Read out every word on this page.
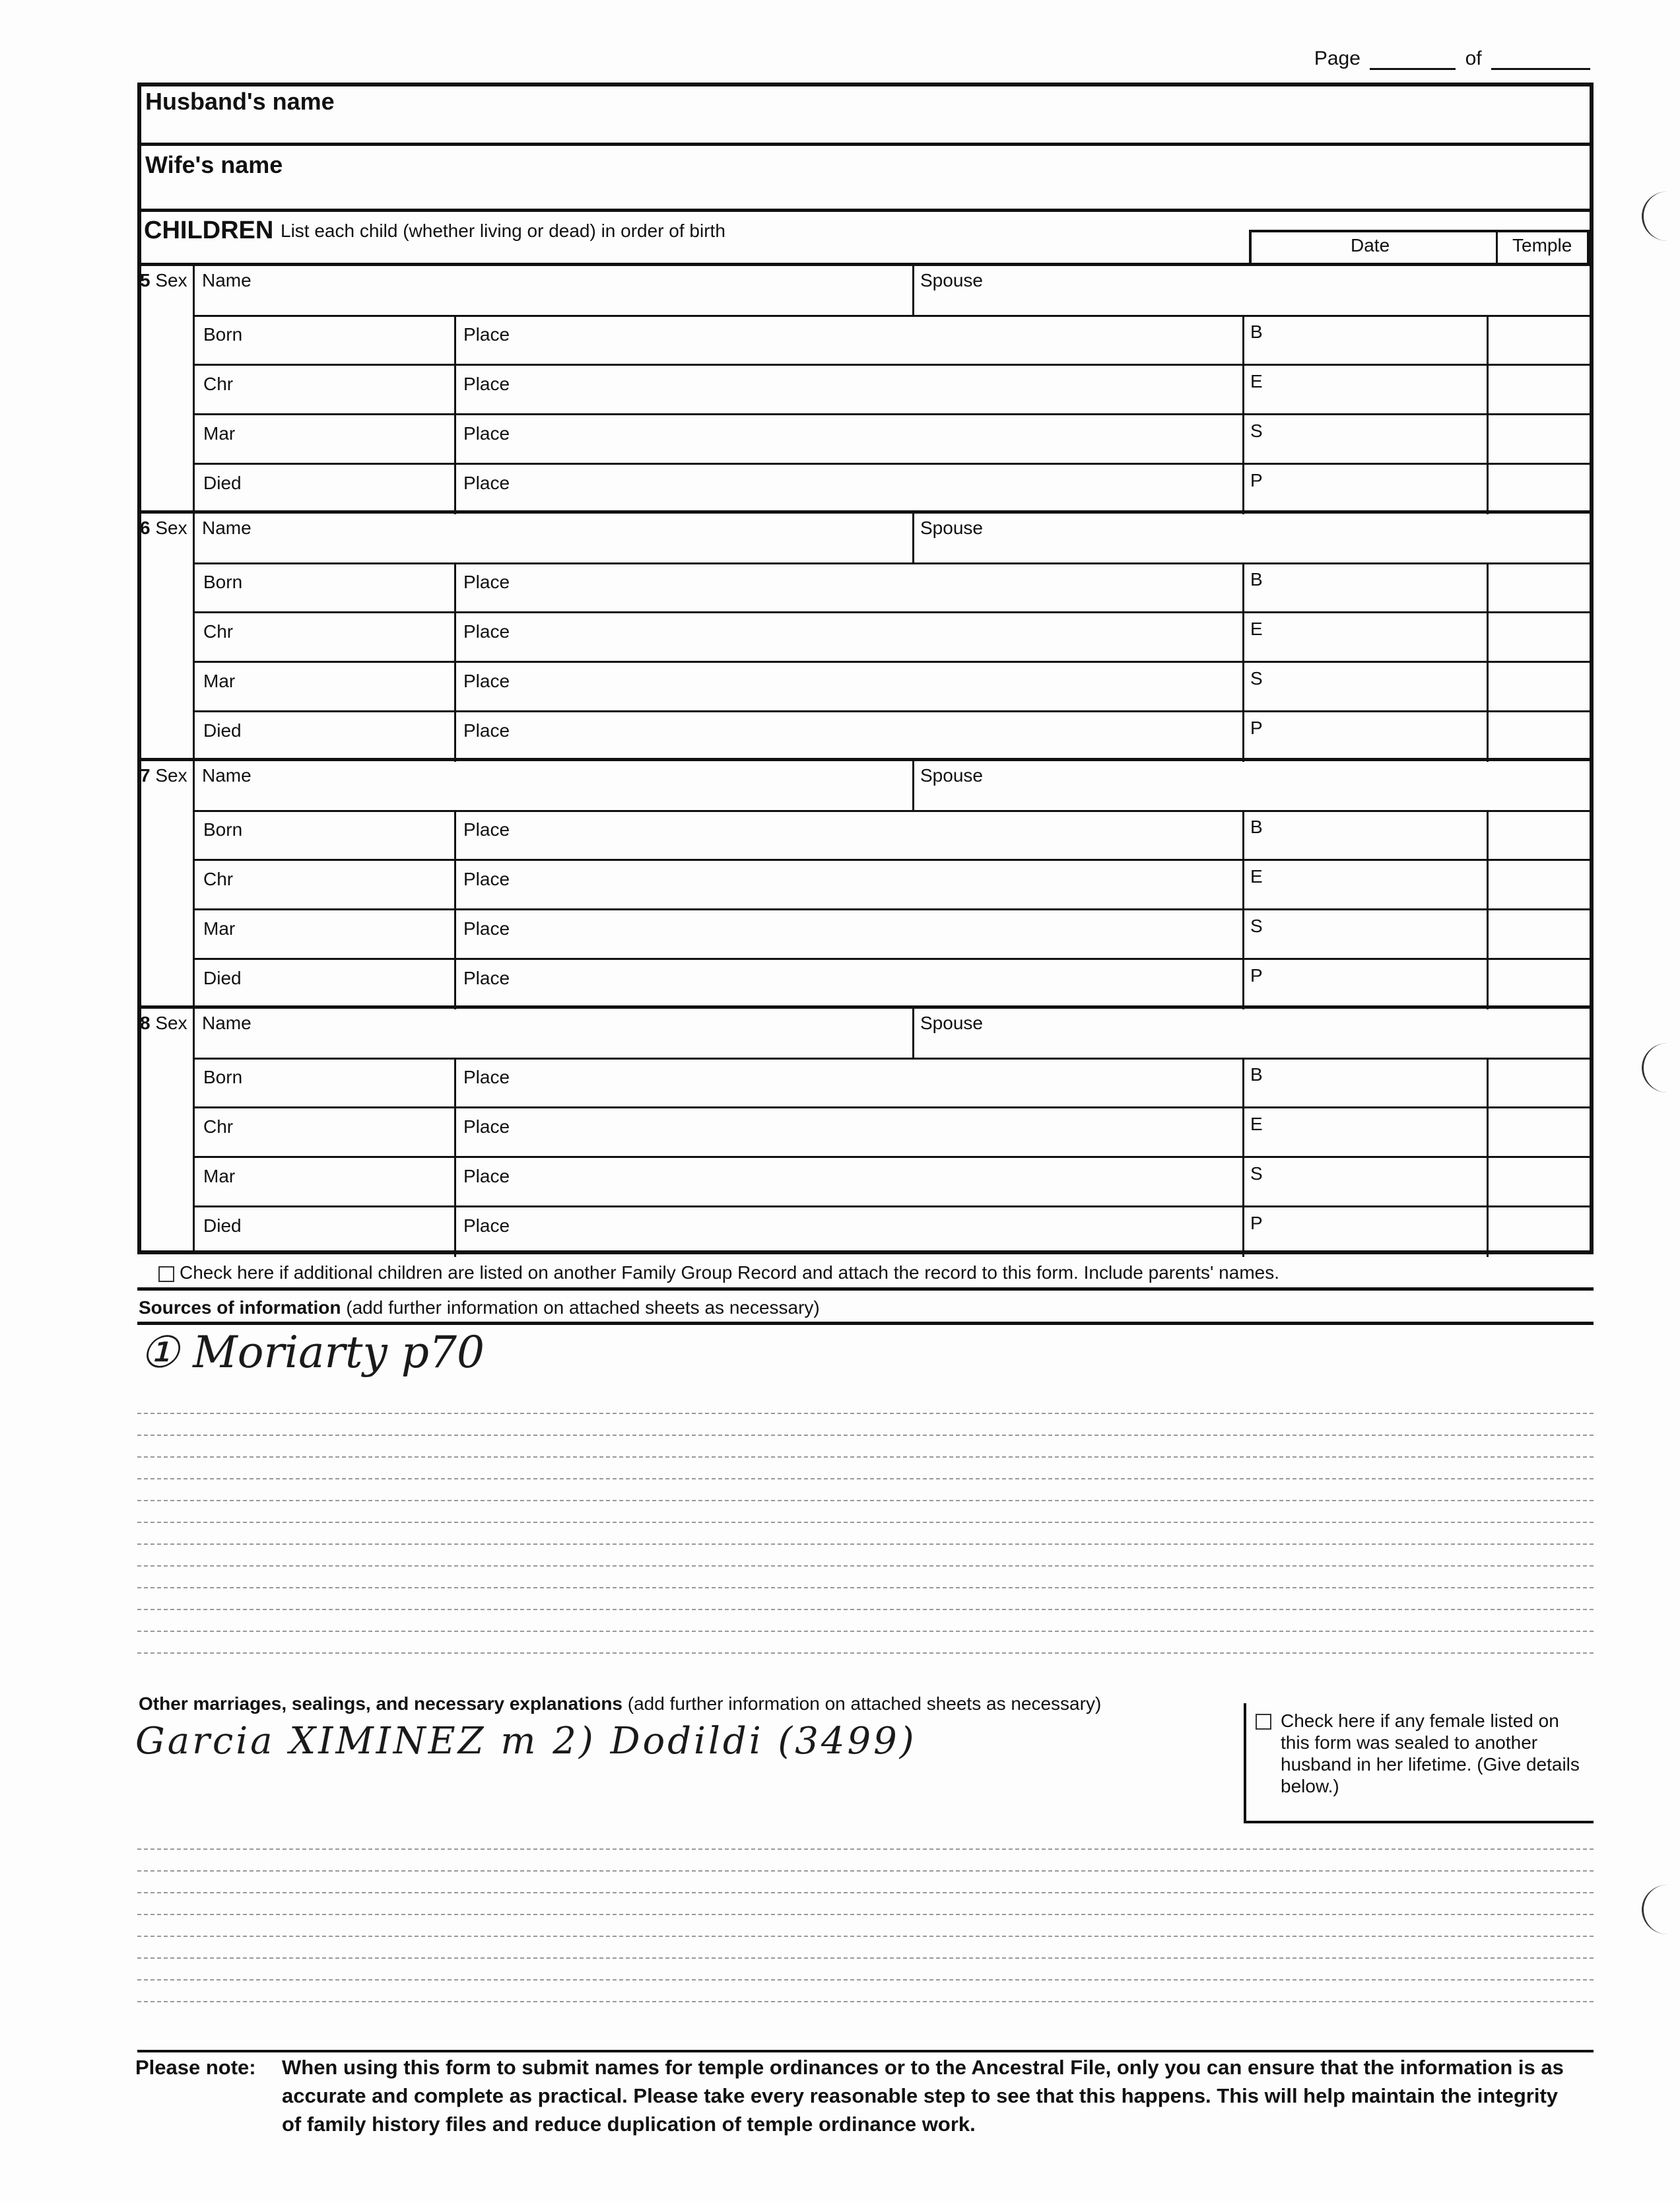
Page	of
Husband's name
Wife's name
CHILDREN List each child (whether living or dead) in order of birth
Date	Temple
5 Sex Name	Spouse
Born	Place	B
Chr	Place	E
Mar	Place	S
Died	Place	P
6 Sex Name	Spouse
Born	Place	B
Chr	Place	E
Mar	Place	S
Died	Place	P
7 Sex Name	Spouse
Born	Place	B
Chr	Place	E
Mar	Place	S
Died	Place	P
8 Sex Name	Spouse
Born	Place	B
Chr	Place	E
Mar	Place	S
Died	Place	P
Check here if additional children are listed on another Family Group Record and attach the record to this form. Include parents' names.
Sources of information (add further information on attached sheets as necessary)
① Moriarty p70
Other marriages, sealings, and necessary explanations (add further information on attached sheets as necessary)
Garcia XIMINEZ m 2) Dodildi (3499)	Check here if any female listed on this form was sealed to another husband in her lifetime. (Give details below.)
Please note: When using this form to submit names for temple ordinances or to the Ancestral File, only you can ensure that the information is as accurate and complete as practical. Please take every reasonable step to see that this happens. This will help maintain the integrity of family history files and reduce duplication of temple ordinance work.
